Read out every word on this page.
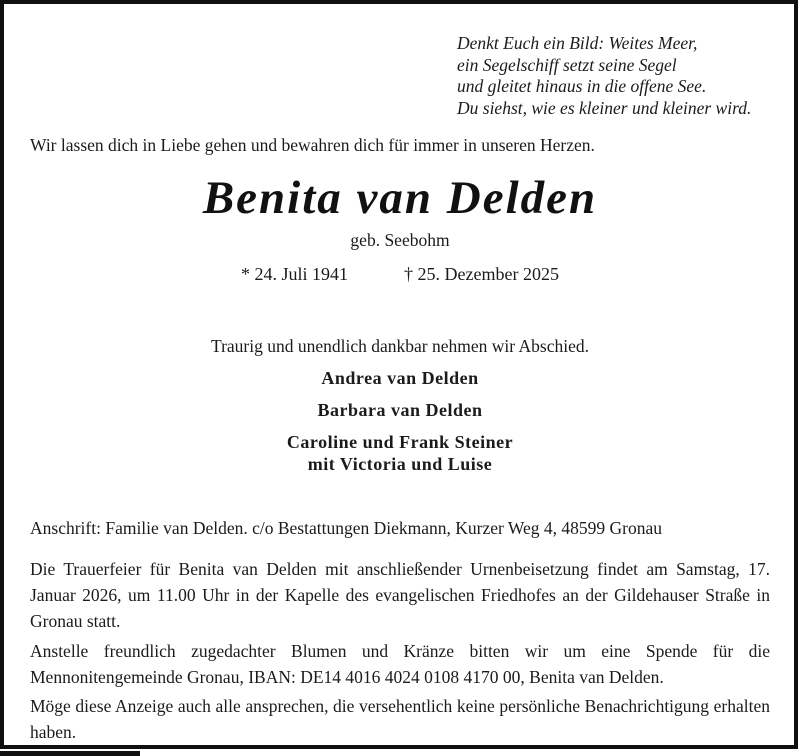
Denkt Euch ein Bild: Weites Meer,
ein Segelschiff setzt seine Segel
und gleitet hinaus in die offene See.
Du siehst, wie es kleiner und kleiner wird.
Wir lassen dich in Liebe gehen und bewahren dich für immer in unseren Herzen.
Benita van Delden
geb. Seebohm
* 24. Juli 1941	† 25. Dezember 2025
Traurig und unendlich dankbar nehmen wir Abschied.
Andrea van Delden
Barbara van Delden
Caroline und Frank Steiner
mit Victoria und Luise
Anschrift: Familie van Delden. c/o Bestattungen Diekmann, Kurzer Weg 4, 48599 Gronau

Die Trauerfeier für Benita van Delden mit anschließender Urnenbeisetzung findet am Samstag, 17. Januar 2026, um 11.00 Uhr in der Kapelle des evangelischen Friedhofes an der Gildehauser Straße in Gronau statt.

Anstelle freundlich zugedachter Blumen und Kränze bitten wir um eine Spende für die Mennonitengemeinde Gronau, IBAN: DE14 4016 4024 0108 4170 00, Benita van Delden.

Möge diese Anzeige auch alle ansprechen, die versehentlich keine persönliche Benachrichtigung erhalten haben.
